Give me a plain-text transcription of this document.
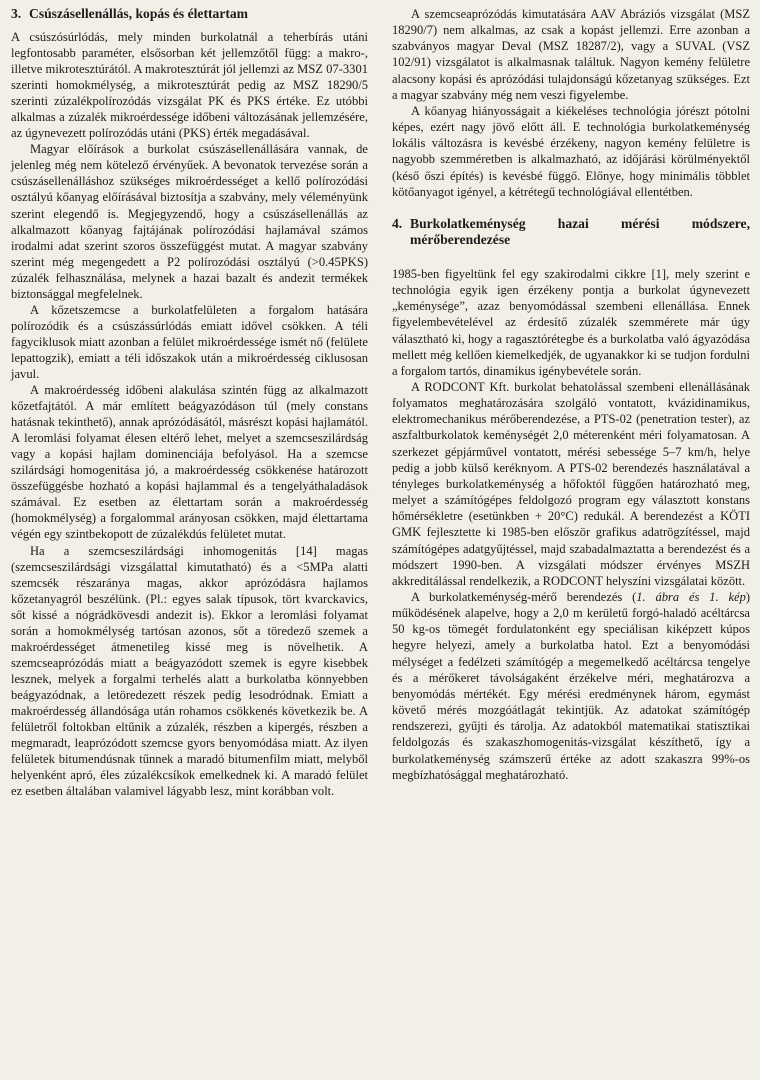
3. Csúszásellenállás, kopás és élettartam

A csúszósúrlódás, mely minden burkolatnál a teherbírás utáni legfontosabb paraméter, elsősorban két jellemzőtől függ: a makro-, illetve mikrotesztúrától. A makrotesztúrát jól jellemzi az MSZ 07-3301 szerinti homokmélység, a mikrotesztúrát pedig az MSZ 18290/5 szerinti zúzalékpolírozódás vizsgálat PK és PKS értéke. Ez utóbbi alkalmas a zúzalék mikroérdessége időbeni változásának jellemzésére, az úgynevezett polírozódás utáni (PKS) érték megadásával.

Magyar előírások a burkolat csúszásellenállására vannak, de jelenleg még nem kötelező érvényűek. A bevonatok tervezése során a csúszásellenálláshoz szükséges mikroérdességet a kellő polírozódási osztályú kőanyag előírásával biztosítja a szabvány, mely véleményünk szerint elegendő is. Megjegyzendő, hogy a csúszásellenállás az alkalmazott kőanyag fajtájának polírozódási hajlamával számos irodalmi adat szerint szoros összefüggést mutat. A magyar szabvány szerint még megengedett a P2 polírozódási osztályú (>0.45PKS) zúzalék felhasználása, melynek a hazai bazalt és andezit termékek biztonsággal megfelelnek.

A kőzetszemcse a burkolatfelületen a forgalom hatására polírozódik és a csúszássúrlódás emiatt idővel csökken. A téli fagyciklusok miatt azonban a felület mikroérdessége ismét nő (felülete lepattogzik), emiatt a téli időszakok után a mikroérdesség ciklusosan javul.

A makroérdesség időbeni alakulása szintén függ az alkalmazott kőzetfajtától. A már említett beágyazódáson túl (mely constans hatásnak tekinthető), annak aprózódásától, másrészt kopási hajlamától. A leromlási folyamat élesen eltérő lehet, melyet a szemcseszilárdság vagy a kopási hajlam dominenciája befolyásol. Ha a szemcse szilárdsági homogenitása jó, a makroérdesség csökkenése határozott összefüggésbe hozható a kopási hajlammal és a tengelyáthaladások számával. Ez esetben az élettartam során a makroérdesség (homokmélység) a forgalommal arányosan csökken, majd élettartama végén egy szintbekopott de zúzalékdús felületet mutat.

Ha a szemcseszilárdsági inhomogenitás [14] magas (szemcseszilárdsági vizsgálattal kimutatható) és a <5MPa alatti szemcsék részaránya magas, akkor aprózódásra hajlamos kőzetanyagról beszélünk. (Pl.: egyes salak típusok, tört kvarckavics, sőt kissé a nógrádkövesdi andezit is). Ekkor a leromlási folyamat során a homokmélység tartósan azonos, sőt a töredező szemek a makroérdességet átmenetileg kissé meg is növelhetik. A szemcseaprózódás miatt a beágyazódott szemek is egyre kisebbek lesznek, melyek a forgalmi terhelés alatt a burkolatba könnyebben beágyazódnak, a letöredezett részek pedig lesodródnak. Emiatt a makroérdesség állandósága után rohamos csökkenés következik be. A felületről foltokban eltűnik a zúzalék, részben a kipergés, részben a megmaradt, leaprózódott szemcse gyors benyomódása miatt. Az ilyen felületek bitumendúsnak tűnnek a maradó bitumenfilm miatt, melyből helyenként apró, éles zúzalékcsíkok emelkednek ki. A maradó felület ez esetben általában valamivel lágyabb lesz, mint korábban volt.

A szemcseaprózódás kimutatására AAV Abráziós vizsgálat (MSZ 18290/7) nem alkalmas, az csak a kopást jellemzi. Erre azonban a szabványos magyar Deval (MSZ 18287/2), vagy a SUVAL (VSZ 102/91) vizsgálatot is alkalmasnak találtuk. Nagyon kemény felületre alacsony kopási és aprózódási tulajdonságú kőzetanyag szükséges. Ezt a magyar szabvány még nem veszi figyelembe.

A kőanyag hiányosságait a kiékeléses technológia jórészt pótolni képes, ezért nagy jövő előtt áll. E technológia burkolatkeménység lokális változásra is kevésbé érzékeny, nagyon kemény felületre is nagyobb szemméretben is alkalmazható, az időjárási körülményektől (késő őszi építés) is kevésbé függő. Előnye, hogy minimális többlet kötőanyagot igényel, a kétrétegű technológiával ellentétben.

4. Burkolatkeménység hazai mérési módszere, mérőberendezése

1985-ben figyeltünk fel egy szakirodalmi cikkre [1], mely szerint e technológia egyik igen érzékeny pontja a burkolat úgynevezett „keménysége”, azaz benyomódással szembeni ellenállása. Ennek figyelembevételével az érdesítő zúzalék szemmérete már úgy választható ki, hogy a ragasztórétegbe és a burkolatba való ágyazódása mellett még kellően kiemelkedjék, de ugyanakkor ki se tudjon fordulni a forgalom tartós, dinamikus igénybevétele során.

A RODCONT Kft. burkolat behatolással szembeni ellenállásának folyamatos meghatározására szolgáló vontatott, kvázidinamikus, elektromechanikus mérőberendezése, a PTS-02 (penetration tester), az aszfaltburkolatok keménységét 2,0 méterenként méri folyamatosan. A szerkezet gépjárművel vontatott, mérési sebessége 5–7 km/h, helye pedig a jobb külső keréknyom. A PTS-02 berendezés használatával a tényleges burkolatkeménység a hőfoktól függően határozható meg, melyet a számítógépes feldolgozó program egy választott konstans hőmérsékletre (esetünkben + 20°C) redukál. A berendezést a KÖTI GMK fejlesztette ki 1985-ben először grafikus adatrögzítéssel, majd számítógépes adatgyűjtéssel, majd szabadalmaztatta a berendezést és a módszert 1990-ben. A vizsgálati módszer érvényes MSZH akkreditálással rendelkezik, a RODCONT helyszíni vizsgálatai között.

A burkolatkeménység-mérő berendezés (1. ábra és 1. kép) működésének alapelve, hogy a 2,0 m kerületű forgó-haladó acéltárcsa 50 kg-os tömegét fordulatonként egy speciálisan kiképzett kúpos hegyre helyezi, amely a burkolatba hatol. Ezt a benyomódási mélységet a fedélzeti számítógép a megemelkedő acéltárcsa tengelye és a mérőkeret távolságaként érzékelve méri, meghatározva a benyomódás mértékét. Egy mérési eredménynek három, egymást követő mérés mozgóátlagát tekintjük. Az adatokat számítógép rendszerezi, gyűjti és tárolja. Az adatokból matematikai statisztikai feldolgozás és szakaszhomogenitás-vizsgálat készíthető, így a burkolatkeménység számszerű értéke az adott szakaszra 99%-os megbízhatósággal meghatározható.
